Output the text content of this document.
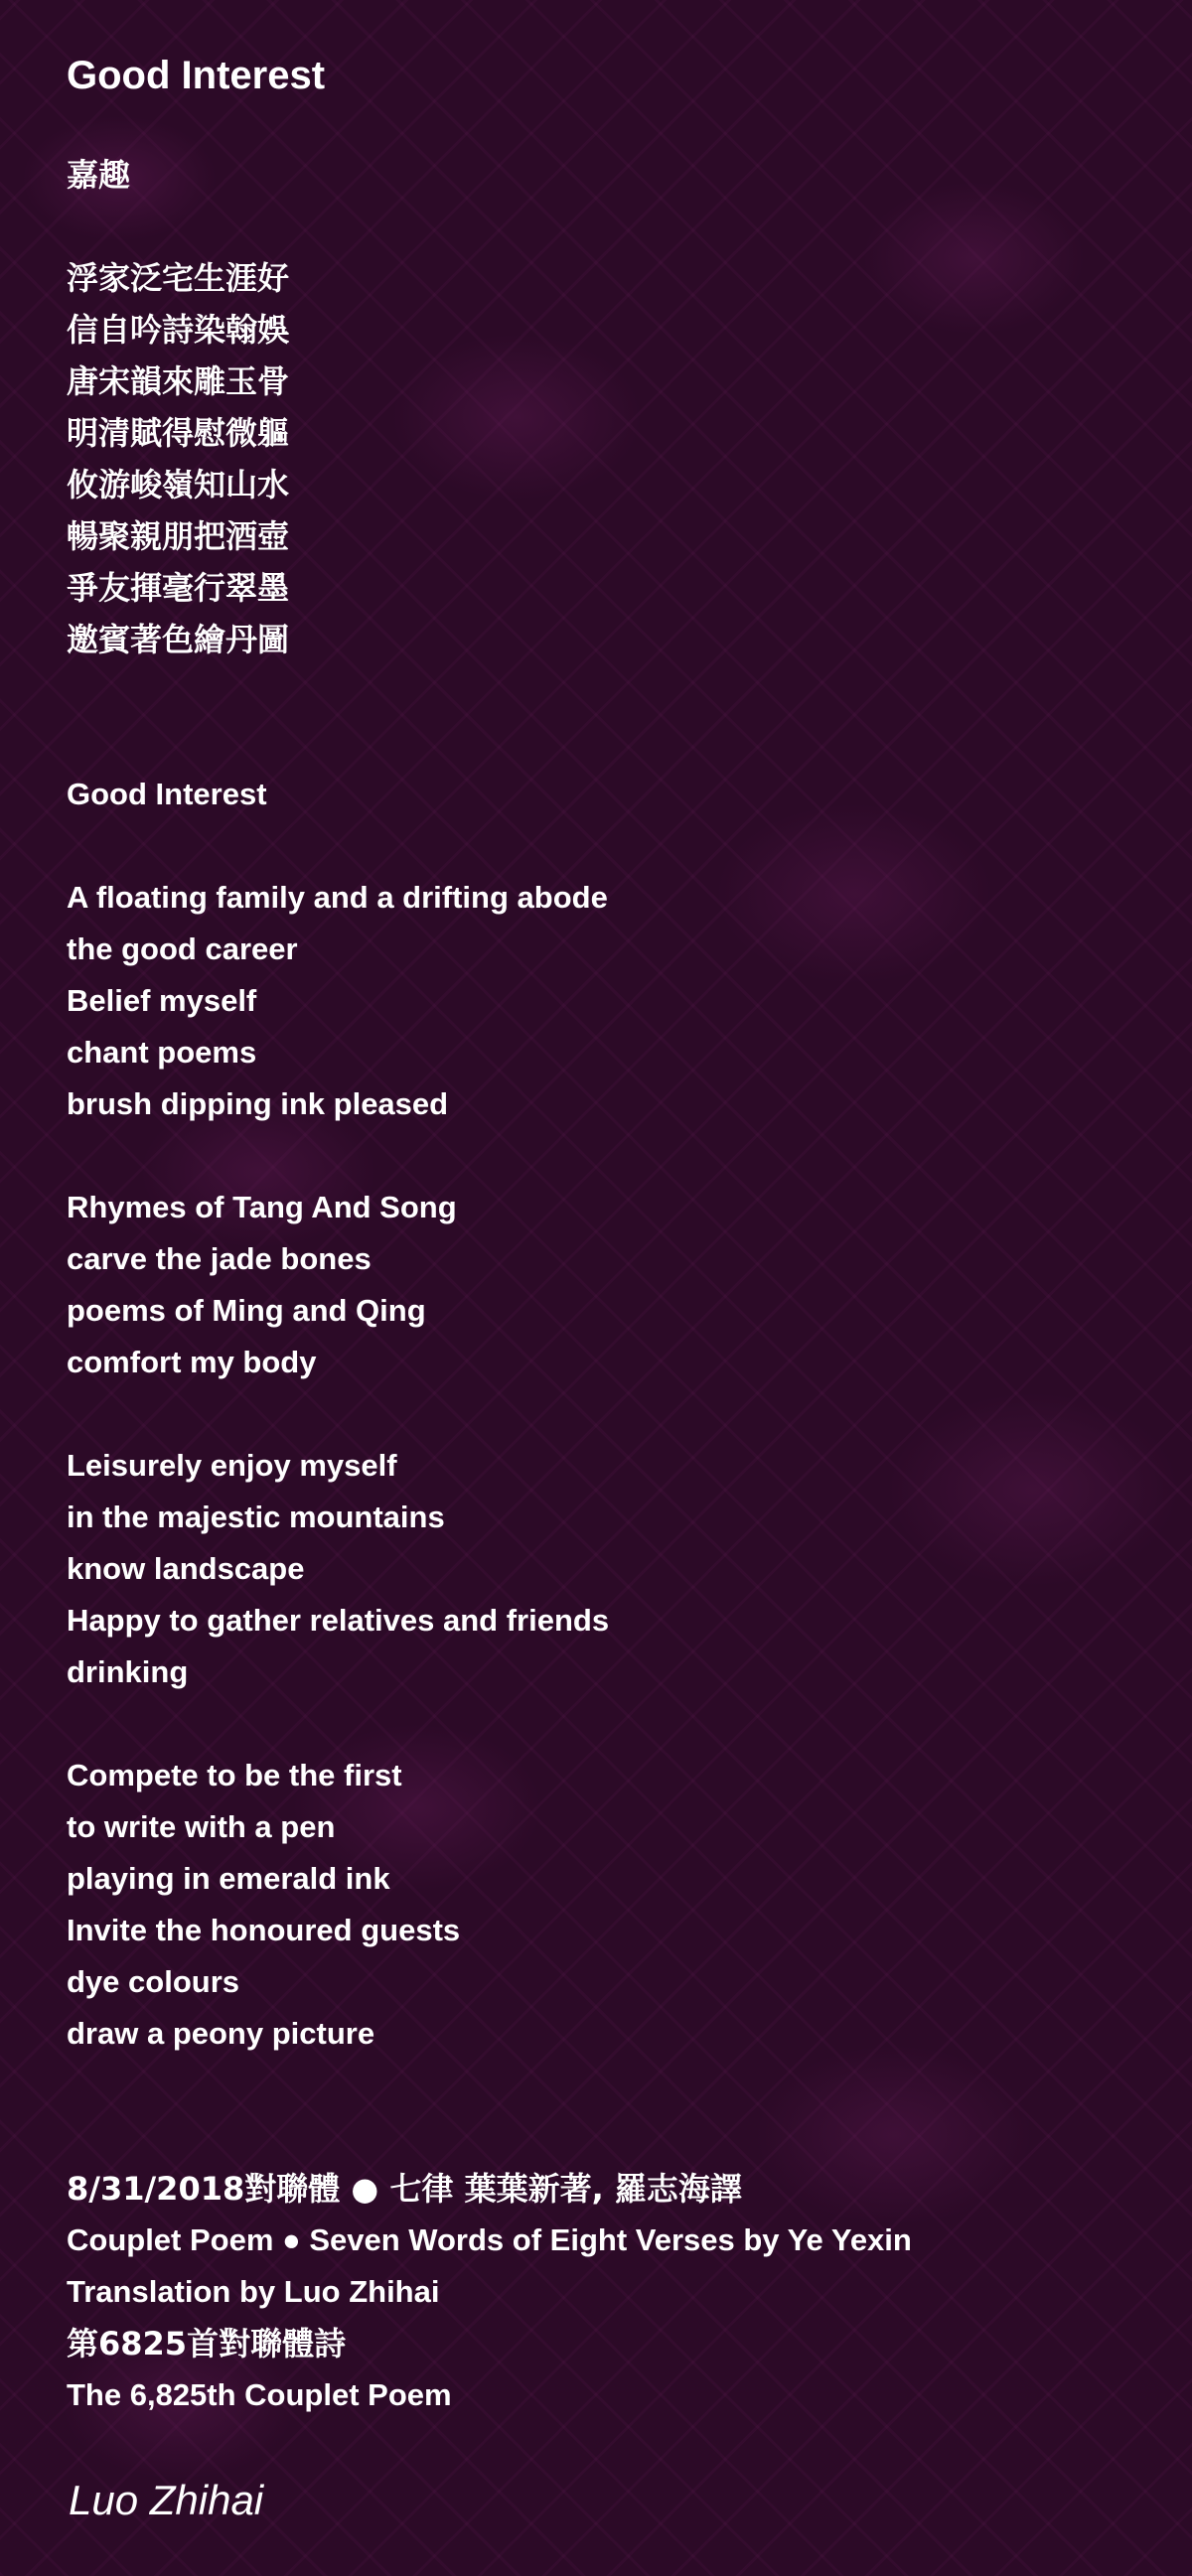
Good Interest
嘉趣
浮家泛宅生涯好
信自吟詩染翰娛
唐宋韻來雕玉骨
明清賦得慰微軀
攸游峻嶺知山水
暢聚親朋把酒壺
爭友揮毫行翠墨
邀賓著色繪丹圖
Good Interest
A floating family and a drifting abode
the good career
Belief myself
chant poems
brush dipping ink pleased
Rhymes of Tang And Song
carve the jade bones
poems of Ming and Qing
comfort my body
Leisurely enjoy myself
in the majestic mountains
know landscape
Happy to gather relatives and friends
drinking
Compete to be the first
to write with a pen
playing in emerald ink
Invite the honoured guests
dye colours
draw a peony picture
8/31/2018對聯體 ● 七律 葉葉新著, 羅志海譯
Couplet Poem ● Seven Words of Eight Verses by Ye Yexin
Translation by Luo Zhihai
第6825首對聯體詩
The 6,825th Couplet Poem
Luo Zhihai
